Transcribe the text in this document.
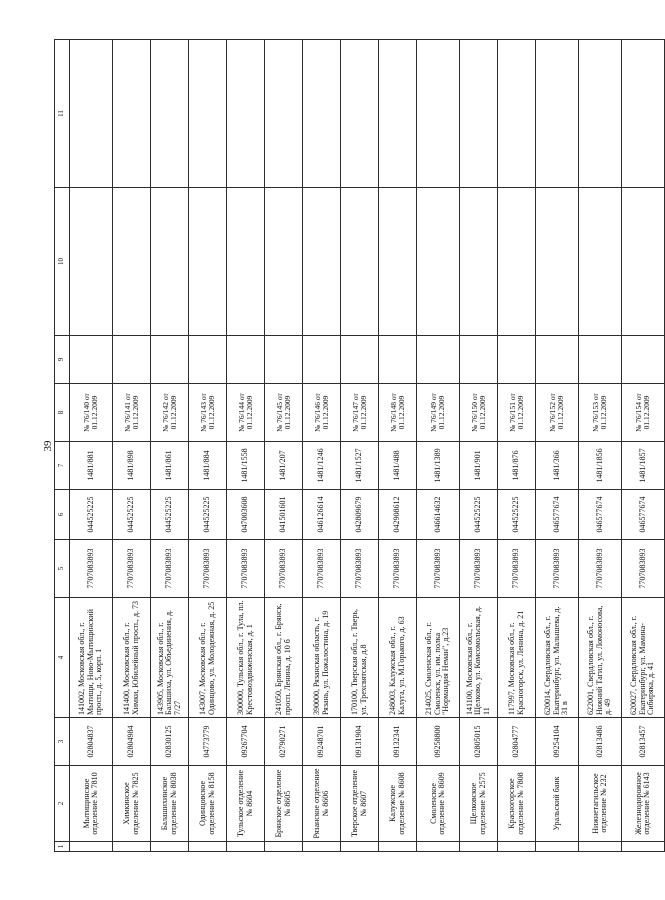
39
1	2	3	4	5	6	7	8	9	10	11
	Мытищинское отделение № 7810	02804837	141002, Московская обл., г. Мытищи, Ново-Мытищинский просп., д. 5, корп. 1	7707083893	044525225	1481/881	№ 76/140 от 01.12.2009			
	Химкинское отделение № 7825	02804984	141400, Московская обл., г. Химки, Юбилейный просп., д. 73	7707083893	044525225	1481/898	№ 76/141 от 01.12.2009			
	Балашихинское отделение № 8038	02830125	143905, Московская обл., г. Балашиха, ул. Объединения, д. 7/27	7707083893	044525225	1481/861	№ 76/142 от 01.12.2009			
	Одинцовское отделение № 8158	04773779	143007, Московская обл., г. Одинцово, ул. Молодежная, д. 25	7707083893	044525225	1481/884	№ 76/143 от 01.12.2009			
	Тульское отделение № 8604	09267704	300000, Тульская обл., г. Тула, пл. Крестовоздвиженская, д. 1	7707083893	047003608	1481/1558	№ 76/144 от 01.12.2009			
	Брянское отделение № 8605	02790271	241050, Брянская обл., г. Брянск, просп. Ленина, д. 10 б	7707083893	041501601	1481/207	№ 76/145 от 01.12.2009			
	Рязанское отделение № 8606	09248701	390000, Рязанская область, г. Рязань, ул. Пожалостина, д. 19	7707083893	046126614	1481/1246	№ 76/146 от 01.12.2009			
	Тверское отделение № 8607	09131904	170100, Тверская обл., г. Тверь, ул. Трехсвятская, д.8	7707083893	042809679	1481/1527	№ 76/147 от 01.12.2009			
	Калужское отделение № 8608	09132341	248003, Калужская обл., г. Калуга, ул. М.Горького, д. 63	7707083893	042908612	1481/488	№ 76/148 от 01.12.2009			
	Смоленское отделение № 8609	09258800	214025, Смоленская обл., г. Смоленск, ул. им. полка "Нормандия Неман", д.23	7707083893	046614632	1481/1389	№ 76/149 от 01.12.2009			
	Щелковское отделение № 2575	02805015	141100, Московская обл., г. Щелково, ул. Комсомольская, д. 11	7707083893	044525225	1481/901	№ 76/150 от 01.12.2009			
	Красногорское отделение № 7808	02804777	117997, Московская обл., г. Красногорск, ул. Ленина, д. 21	7707083893	044525225	1481/876	№ 76/151 от 01.12.2009			
	Уральский банк	09254104	620014, Свердловская обл., г. Екатеринбург, ул. Малышева, д. 31 в	7707083893	046577674	1481/366	№ 76/152 от 01.12.2009			
	Нижнетагильское отделение № 232	02813486	622001, Свердловская обл., г. Нижний Тагил, ул. Ломоносова, д. 49	7707083893	046577674	1481/1856	№ 76/153 от 01.12.2009			
	Железнодорожное отделение № 6143	02813457	620027, Свердловская обл., г. Екатеринбург, ул. Мамина-Сибиряка, д. 41	7707083893	046577674	1481/1857	№ 76/154 от 01.12.2009			
